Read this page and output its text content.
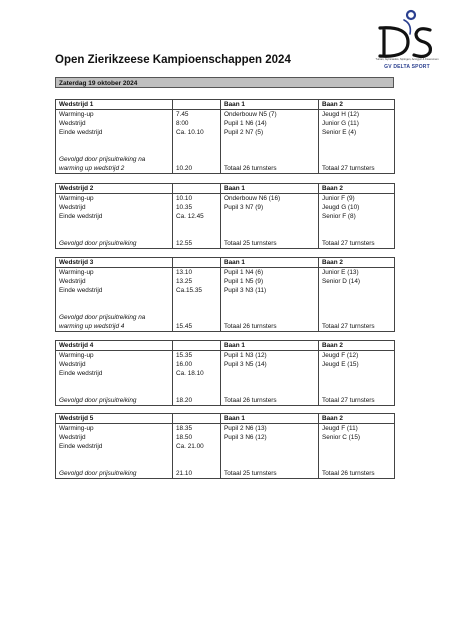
Turnen, Gymnastics, Springen, Acrogym & Freerunnen
GV DELTA SPORT
Open Zierikzeese Kampioenschappen 2024
Zaterdag 19 oktober 2024
Wedstrijd 1		Baan 1	Baan 2
Warming-up	7.45	Onderbouw N5 (7)	Jeugd H (12)
Wedstrijd	8:00	Pupil 1 N6 (14)	Junior G (11)
Einde wedstrijd	Ca. 10.10	Pupil 2 N7 (5)	Senior E (4)

Gevolgd door prijsuitreiking na
warming up wedstrijd 2	10.20	Totaal 26 turnsters	Totaal 27 turnsters
Wedstrijd 2		Baan 1	Baan 2
Warming-up	10.10	Onderbouw N6 (16)	Junior F (9)
Wedstrijd	10.35	Pupil 3 N7 (9)	Jeugd G (10)
Einde wedstrijd	Ca. 12.45		Senior F (8)

Gevolgd door prijsuitreiking	12.55	Totaal 25 turnsters	Totaal 27 turnsters
Wedstrijd 3		Baan 1	Baan 2
Warming-up	13.10	Pupil 1 N4 (6)	Junior E (13)
Wedstrijd	13.25	Pupil 1 N5 (9)	Senior D (14)
Einde wedstrijd	Ca.15.35	Pupil 3 N3 (11)	

Gevolgd door prijsuitreiking na
warming up wedstrijd 4	15.45	Totaal 26 turnsters	Totaal 27 turnsters
Wedstrijd 4		Baan 1	Baan 2
Warming-up	15.35	Pupil 1 N3 (12)	Jeugd F (12)
Wedstrijd	16.00	Pupil 3 N5 (14)	Jeugd E (15)
Einde wedstrijd	Ca. 18.10		

Gevolgd door prijsuitreiking	18.20	Totaal 26 turnsters	Totaal 27 turnsters
Wedstrijd 5		Baan 1	Baan 2
Warming-up	18.35	Pupil 2 N6 (13)	Jeugd F (11)
Wedstrijd	18.50	Pupil 3 N6 (12)	Senior C (15)
Einde wedstrijd	Ca. 21.00		

Gevolgd door prijsuitreiking	21.10	Totaal 25 turnsters	Totaal 26 turnsters
